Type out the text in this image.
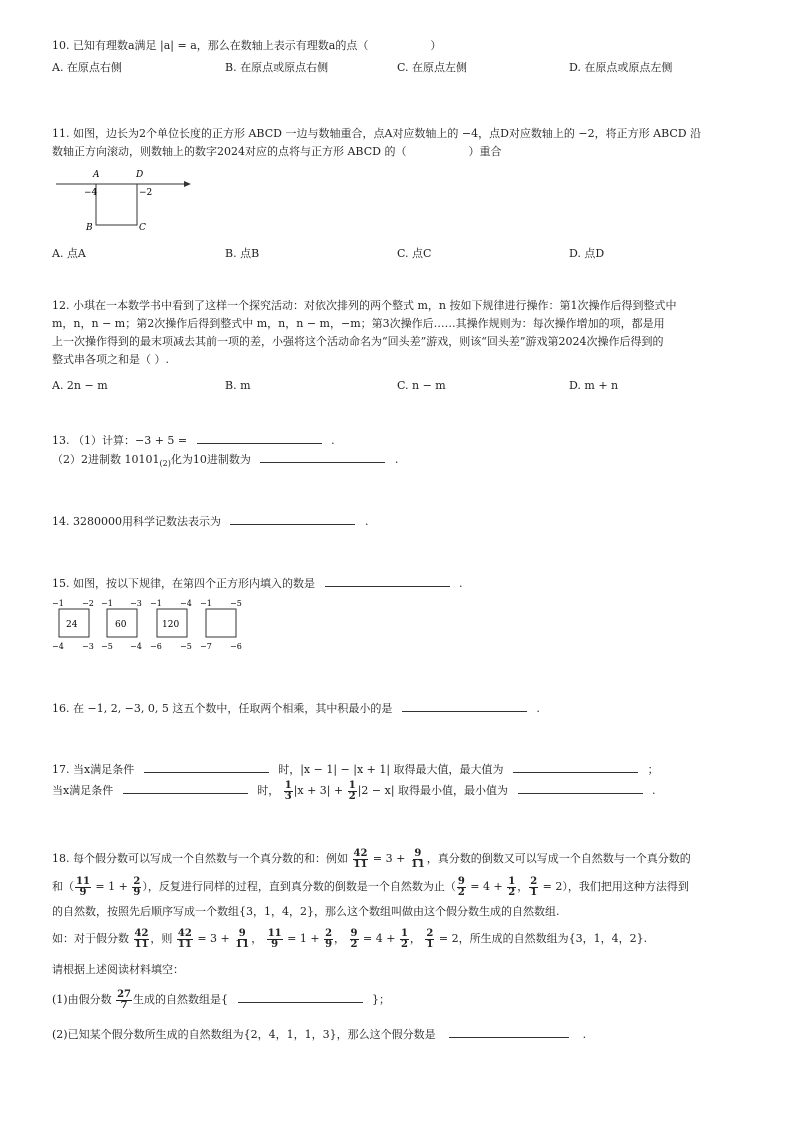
10. 已知有理数a满足 |a| = a，那么在数轴上表示有理数a的点（	）
A. 在原点右侧	B. 在原点或原点右侧	C. 在原点左侧	D. 在原点或原点左侧
11. 如图，边长为2个单位长度的正方形 ABCD 一边与数轴重合，点A对应数轴上的 −4，点D对应数轴上的 −2，将正方形 ABCD 沿
数轴正方向滚动，则数轴上的数字2024对应的点将与正方形 ABCD 的（	）重合
A	D
−4	−2
B	C
A. 点A	B. 点B	C. 点C	D. 点D
12. 小琪在一本数学书中看到了这样一个探究活动：对依次排列的两个整式 m，n 按如下规律进行操作：第1次操作后得到整式中
m，n，n − m；第2次操作后得到整式中 m，n，n − m，−m；第3次操作后……其操作规则为：每次操作增加的项，都是用
上一次操作得到的最末项减去其前一项的差，小强将这个活动命名为“回头差”游戏，则该“回头差”游戏第2024次操作后得到的
整式串各项之和是（ ）.
A. 2n − m	B. m	C. n − m	D. m + n
13. （1）计算：−3 + 5 =	.
（2）2进制数 $10101_{(2)}$化为10进制数为	.
14. 3280000用科学记数法表示为	.
15. 如图，按以下规律，在第四个正方形内填入的数是	.
−1 −2
24
−4 −3
−1 −3
60
−5 −4
−1 −4
120
−6 −5
−1 −5
−7 −6
16. 在 −1, 2, −3, 0, 5 这五个数中，任取两个相乘，其中积最小的是	.
17. 当x满足条件	时，|x − 1| − |x + 1| 取得最大值，最大值为	；
当x满足条件	时， $\frac{1}{3} |x + 3| + \frac{1}{2} |2 - x|$ 取得最小值，最小值为	.
18. 每个假分数可以写成一个自然数与一个真分数的和：例如 $\frac{42}{11} = 3 + \frac{9}{11}$ ，真分数的倒数又可以写成一个自然数与一个真分数的
和（ $\frac{11}{9} = 1 + \frac{2}{9}$ ），反复进行同样的过程，直到真分数的倒数是一个自然数为止（ $\frac{9}{2} = 4 + \frac{1}{2}$ ， $\frac{2}{1} = 2$），我们把用这种方法得到
的自然数，按照先后顺序写成一个数组{3，1，4，2}，那么这个数组叫做由这个假分数生成的自然数组.
如：对于假分数 $\frac{42}{11}$ ，则 $\frac{42}{11} = 3 + \frac{9}{11}$ ， $\frac{11}{9} = 1 + \frac{2}{9}$ ， $\frac{9}{2} = 4 + \frac{1}{2}$ ， $\frac{2}{1} = 2$，所生成的自然数组为{3，1，4，2}.
请根据上述阅读材料填空：
(1)由假分数 $\frac{27}{7}$ 生成的自然数组是{	}；
(2)已知某个假分数所生成的自然数组为{2，4，1，1，3}，那么这个假分数是	.
